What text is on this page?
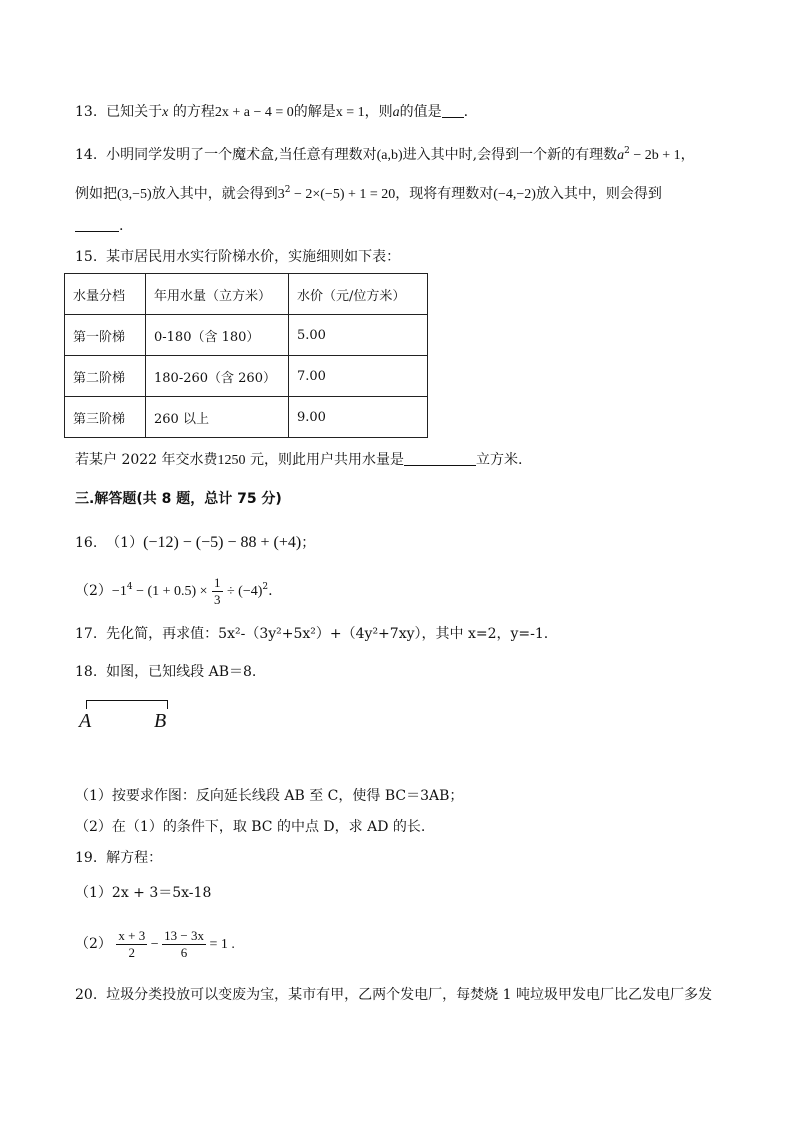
13. 已知关于x 的方程2x + a − 4 = 0的解是x = 1，则a的值是 .
14. 小明同学发明了一个魔术盒,当任意有理数对(a,b)进入其中时,会得到一个新的有理数$a^2 - 2b + 1$，
例如把(3,−5)放入其中，就会得到$3^2 - 2\times(-5) + 1 = 20$，现将有理数对(−4,−2)放入其中，则会得到
.
15. 某市居民用水实行阶梯水价，实施细则如下表：
水量分档	年用水量（立方米）	水价（元/位方米）
第一阶梯	0-180（含 180）	5.00
第二阶梯	180-260（含 260）	7.00
第三阶梯	260 以上	9.00
若某户 2022 年交水费1250 元，则此用户共用水量是	立方米.
三.解答题(共 8 题，总计 75 分)
16. （1）(−12) − (−5) − 88 + (+4)；
$(2)-1^4 - (1 + 0.5) \times \frac{1}{3} \div (-4)^2$.
17. 先化简，再求值：5x²-（3y²+5x²）+（4y²+7xy），其中 x=2，y=-1.
18. 如图，已知线段 AB＝8.
A	B
（1）按要求作图：反向延长线段 AB 至 C，使得 BC＝3AB；
（2）在（1）的条件下，取 BC 的中点 D，求 AD 的长.
19. 解方程：
（1）2x + 3＝5x-18
$(2) \frac{x + 3}{2} - \frac{13 - 3x}{6} = 1$ .
20. 垃圾分类投放可以变废为宝，某市有甲，乙两个发电厂，每焚烧 1 吨垃圾甲发电厂比乙发电厂多发
